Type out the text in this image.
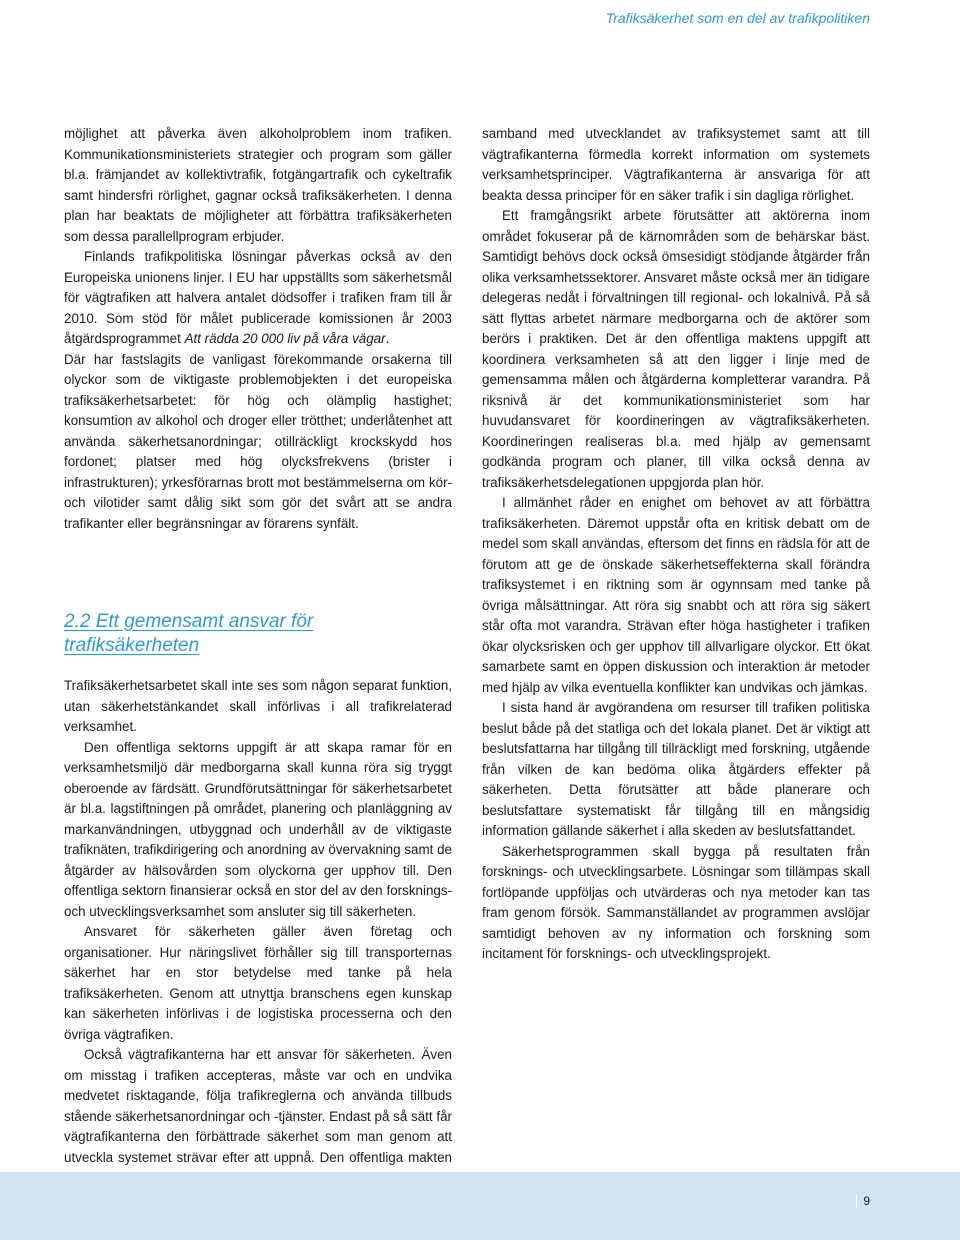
Trafiksäkerhet som en del av trafikpolitiken

möjlighet att påverka även alkoholproblem inom trafiken. Kommunikationsministeriets strategier och program som gäller bl.a. främjandet av kollektivtrafik, fotgängartrafik och cykeltrafik samt hindersfri rörlighet, gagnar också trafiksäkerheten. I denna plan har beaktats de möjligheter att förbättra trafiksäkerheten som dessa parallellprogram erbjuder.

Finlands trafikpolitiska lösningar påverkas också av den Europeiska unionens linjer. I EU har uppställts som säkerhetsmål för vägtrafiken att halvera antalet dödsoffer i trafiken fram till år 2010. Som stöd för målet publicerade komissionen år 2003 åtgärdsprogrammet Att rädda 20 000 liv på våra vägar.

Där har fastslagits de vanligast förekommande orsakerna till olyckor som de viktigaste problemobjekten i det europeiska trafiksäkerhetsarbetet: för hög och olämplig hastighet; konsumtion av alkohol och droger eller trötthet; underlåtenhet att använda säkerhetsanordningar; otillräckligt krockskydd hos fordonet; platser med hög olycksfrekvens (brister i infrastrukturen); yrkesförarnas brott mot bestämmelserna om kör- och vilotider samt dålig sikt som gör det svårt att se andra trafikanter eller begränsningar av förarens synfält.

2.2 Ett gemensamt ansvar för trafiksäkerheten

Trafiksäkerhetsarbetet skall inte ses som någon separat funktion, utan säkerhetstänkandet skall införlivas i all trafikrelaterad verksamhet.

Den offentliga sektorns uppgift är att skapa ramar för en verksamhetsmiljö där medborgarna skall kunna röra sig tryggt oberoende av färdsätt. Grundförutsättningar för säkerhetsarbetet är bl.a. lagstiftningen på området, planering och planläggning av markanvändningen, utbyggnad och underhåll av de viktigaste trafiknäten, trafikdirigering och anordning av övervakning samt de åtgärder av hälsovården som olyckorna ger upphov till. Den offentliga sektorn finansierar också en stor del av den forsknings- och utvecklingsverksamhet som ansluter sig till säkerheten.

Ansvaret för säkerheten gäller även företag och organisationer. Hur näringslivet förhåller sig till transporternas säkerhet har en stor betydelse med tanke på hela trafiksäkerheten. Genom att utnyttja branschens egen kunskap kan säkerheten införlivas i de logistiska processerna och den övriga vägtrafiken.

Också vägtrafikanterna har ett ansvar för säkerheten. Även om misstag i trafiken accepteras, måste var och en undvika medvetet risktagande, följa trafikreglerna och använda tillbuds stående säkerhetsanordningar och -tjänster. Endast på så sätt får vägtrafikanterna den förbättrade säkerhet som man genom att utveckla systemet strävar efter att uppnå. Den offentliga makten

samband med utvecklandet av trafiksystemet samt att till vägtrafikanterna förmedla korrekt information om systemets verksamhetsprinciper. Vägtrafikanterna är ansvariga för att beakta dessa principer för en säker trafik i sin dagliga rörlighet.

Ett framgångsrikt arbete förutsätter att aktörerna inom området fokuserar på de kärnområden som de behärskar bäst. Samtidigt behövs dock också ömsesidigt stödjande åtgärder från olika verksamhetssektorer. Ansvaret måste också mer än tidigare delegeras nedåt i förvaltningen till regional- och lokalnivå. På så sätt flyttas arbetet närmare medborgarna och de aktörer som berörs i praktiken. Det är den offentliga maktens uppgift att koordinera verksamheten så att den ligger i linje med de gemensamma målen och åtgärderna kompletterar varandra. På riksnivå är det kommunikationsministeriet som har huvudansvaret för koordineringen av vägtrafiksäkerheten. Koordineringen realiseras bl.a. med hjälp av gemensamt godkända program och planer, till vilka också denna av trafiksäkerhetsdelegationen uppgjorda plan hör.

I allmänhet råder en enighet om behovet av att förbättra trafiksäkerheten. Däremot uppstår ofta en kritisk debatt om de medel som skall användas, eftersom det finns en rädsla för att de förutom att ge de önskade säkerhetseffekterna skall förändra trafiksystemet i en riktning som är ogynnsam med tanke på övriga målsättningar. Att röra sig snabbt och att röra sig säkert står ofta mot varandra. Strävan efter höga hastigheter i trafiken ökar olycksrisken och ger upphov till allvarligare olyckor. Ett ökat samarbete samt en öppen diskussion och interaktion är metoder med hjälp av vilka eventuella konflikter kan undvikas och jämkas.

I sista hand är avgörandena om resurser till trafiken politiska beslut både på det statliga och det lokala planet. Det är viktigt att beslutsfattarna har tillgång till tillräckligt med forskning, utgående från vilken de kan bedöma olika åtgärders effekter på säkerheten. Detta förutsätter att både planerare och beslutsfattare systematiskt får tillgång till en mångsidig information gällande säkerhet i alla skeden av beslutsfattandet.

Säkerhetsprogrammen skall bygga på resultaten från forsknings- och utvecklingsarbete. Lösningar som tillämpas skall fortlöpande uppföljas och utvärderas och nya metoder kan tas fram genom försök. Sammanställandet av programmen avslöjar samtidigt behoven av ny information och forskning som incitament för forsknings- och utvecklingsprojekt.

9
